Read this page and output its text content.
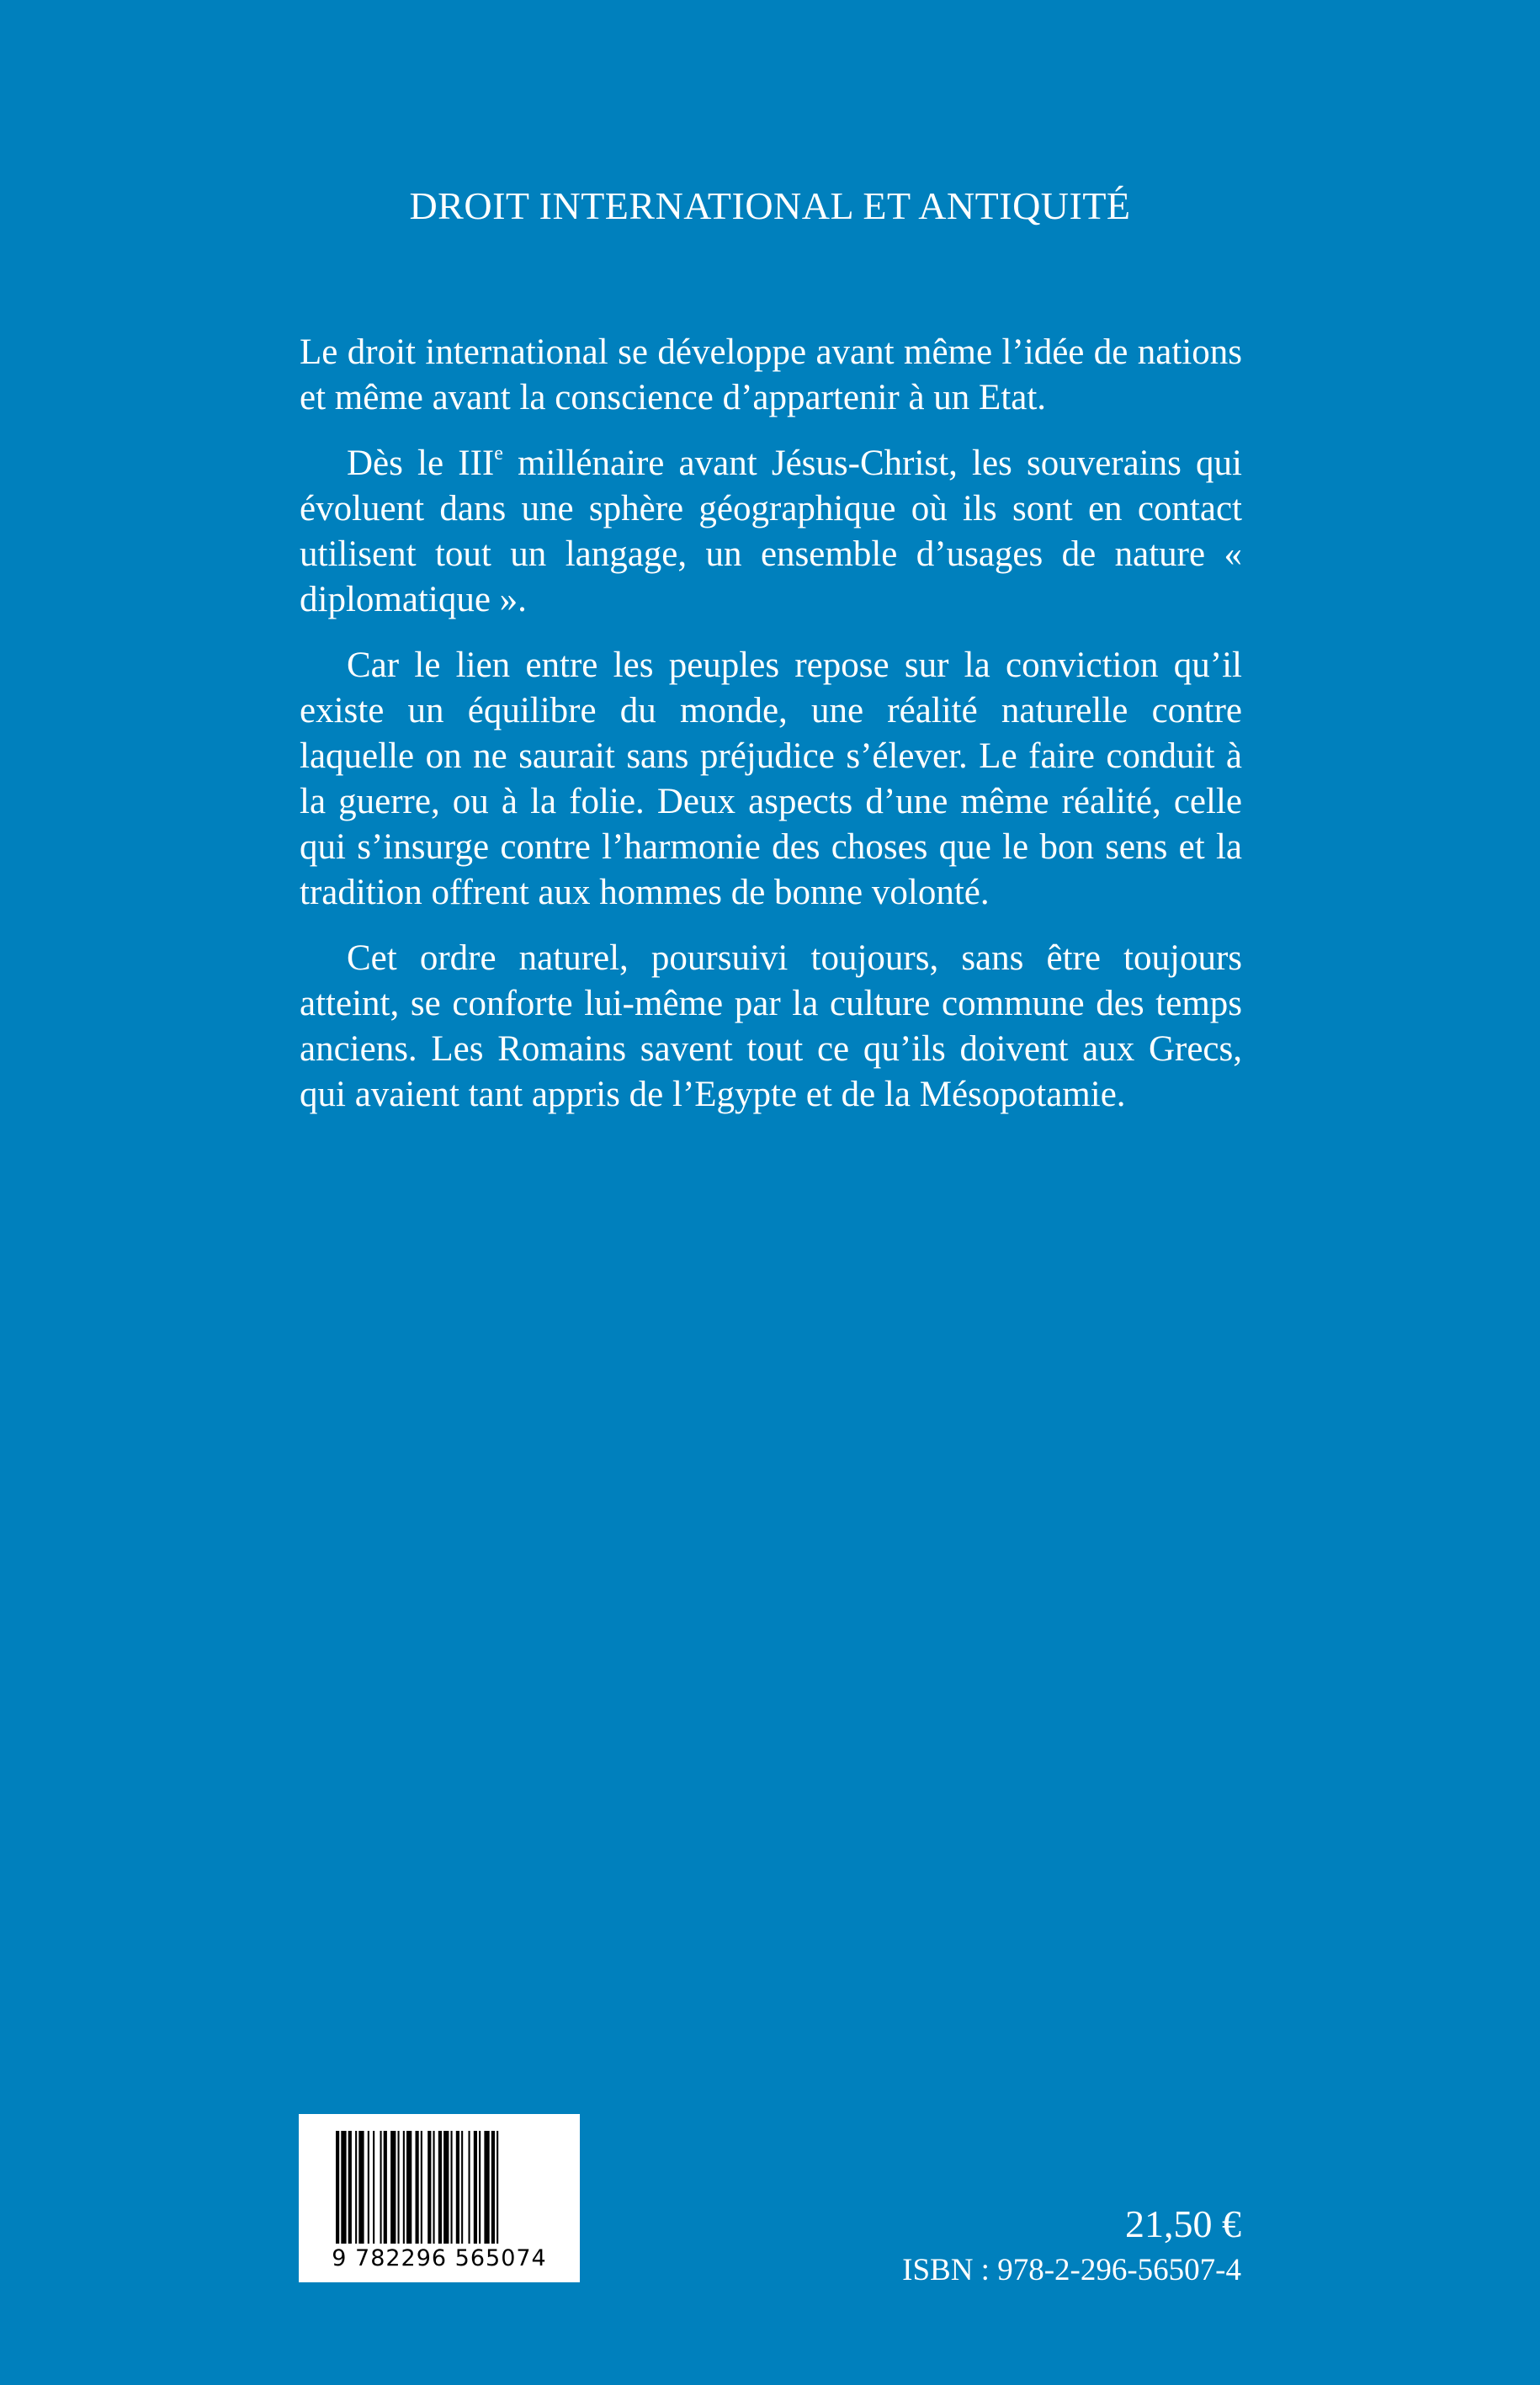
DROIT INTERNATIONAL ET ANTIQUITÉ

Le droit international se développe avant même l’idée de nations et même avant la conscience d’appartenir à un Etat.

Dès le IIIe millénaire avant Jésus-Christ, les souverains qui évoluent dans une sphère géographique où ils sont en contact utilisent tout un langage, un ensemble d’usages de nature « diplomatique ».

Car le lien entre les peuples repose sur la conviction qu’il existe un équilibre du monde, une réalité naturelle contre laquelle on ne saurait sans préjudice s’élever. Le faire conduit à la guerre, ou à la folie. Deux aspects d’une même réalité, celle qui s’insurge contre l’harmonie des choses que le bon sens et la tradition offrent aux hommes de bonne volonté.

Cet ordre naturel, poursuivi toujours, sans être toujours atteint, se conforte lui-même par la culture commune des temps anciens. Les Romains savent tout ce qu’ils doivent aux Grecs, qui avaient tant appris de l’Egypte et de la Mésopotamie.

9 782296 565074
21,50 €
ISBN : 978-2-296-56507-4
